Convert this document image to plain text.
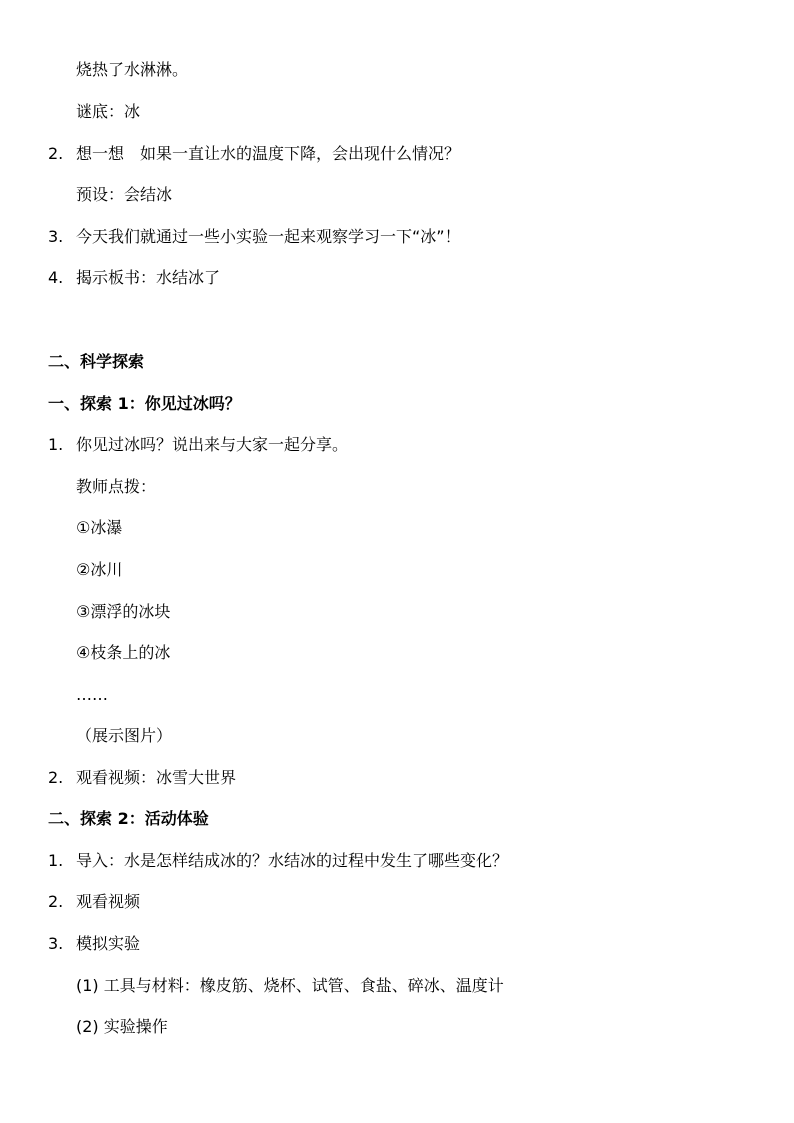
烧热了水淋淋。
谜底：冰
2. 想一想　如果一直让水的温度下降，会出现什么情况？
预设：会结冰
3. 今天我们就通过一些小实验一起来观察学习一下“冰”！
4. 揭示板书：水结冰了
二、科学探索
一、探索 1：你见过冰吗？
1. 你见过冰吗？说出来与大家一起分享。
教师点拨：
①冰瀑
②冰川
③漂浮的冰块
④枝条上的冰
……
（展示图片）
2. 观看视频：冰雪大世界
二、探索 2：活动体验
1. 导入：水是怎样结成冰的？水结冰的过程中发生了哪些变化？
2. 观看视频
3. 模拟实验
(1) 工具与材料：橡皮筋、烧杯、试管、食盐、碎冰、温度计
(2) 实验操作
